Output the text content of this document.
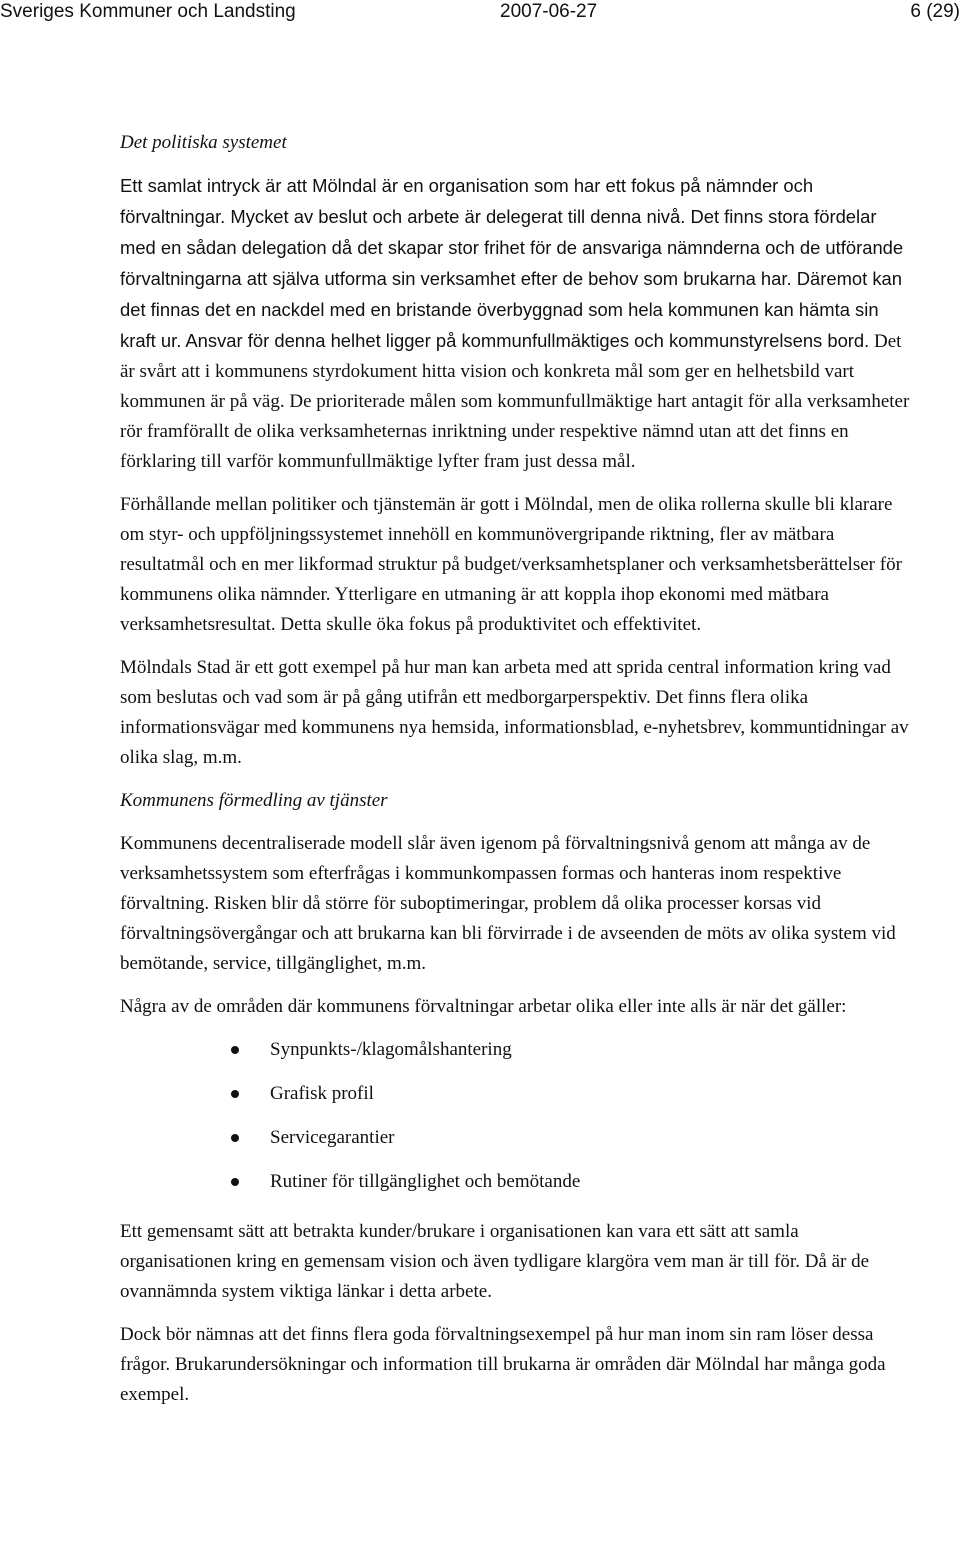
Sveriges Kommuner och Landsting	2007-06-27	6 (29)
Det politiska systemet

Ett samlat intryck är att Mölndal är en organisation som har ett fokus på nämnder och förvaltningar. Mycket av beslut och arbete är delegerat till denna nivå. Det finns stora fördelar med en sådan delegation då det skapar stor frihet för de ansvariga nämnderna och de utförande förvaltningarna att själva utforma sin verksamhet efter de behov som brukarna har. Däremot kan det finnas det en nackdel med en bristande överbyggnad som hela kommunen kan hämta sin kraft ur. Ansvar för denna helhet ligger på kommunfullmäktiges och kommunstyrelsens bord. Det är svårt att i kommunens styrdokument hitta vision och konkreta mål som ger en helhetsbild vart kommunen är på väg. De prioriterade målen som kommunfullmäktige hart antagit för alla verksamheter rör framförallt de olika verksamheternas inriktning under respektive nämnd utan att det finns en förklaring till varför kommunfullmäktige lyfter fram just dessa mål.

Förhållande mellan politiker och tjänstemän är gott i Mölndal, men de olika rollerna skulle bli klarare om styr- och uppföljningssystemet innehöll en kommunövergripande riktning, fler av mätbara resultatmål och en mer likformad struktur på budget/verksamhetsplaner och verksamhetsberättelser för kommunens olika nämnder. Ytterligare en utmaning är att koppla ihop ekonomi med mätbara verksamhetsresultat. Detta skulle öka fokus på produktivitet och effektivitet.

Mölndals Stad är ett gott exempel på hur man kan arbeta med att sprida central information kring vad som beslutas och vad som är på gång utifrån ett medborgarperspektiv. Det finns flera olika informationsvägar med kommunens nya hemsida, informationsblad, e-nyhetsbrev, kommuntidningar av olika slag, m.m.

Kommunens förmedling av tjänster

Kommunens decentraliserade modell slår även igenom på förvaltningsnivå genom att många av de verksamhetssystem som efterfrågas i kommunkompassen formas och hanteras inom respektive förvaltning. Risken blir då större för suboptimeringar, problem då olika processer korsas vid förvaltningsövergångar och att brukarna kan bli förvirrade i de avseenden de möts av olika system vid bemötande, service, tillgänglighet, m.m.

Några av de områden där kommunens förvaltningar arbetar olika eller inte alls är när det gäller:

Synpunkts-/klagomålshantering
Grafisk profil
Servicegarantier
Rutiner för tillgänglighet och bemötande

Ett gemensamt sätt att betrakta kunder/brukare i organisationen kan vara ett sätt att samla organisationen kring en gemensam vision och även tydligare klargöra vem man är till för. Då är de ovannämnda system viktiga länkar i detta arbete.

Dock bör nämnas att det finns flera goda förvaltningsexempel på hur man inom sin ram löser dessa frågor. Brukarundersökningar och information till brukarna är områden där Mölndal har många goda exempel.
